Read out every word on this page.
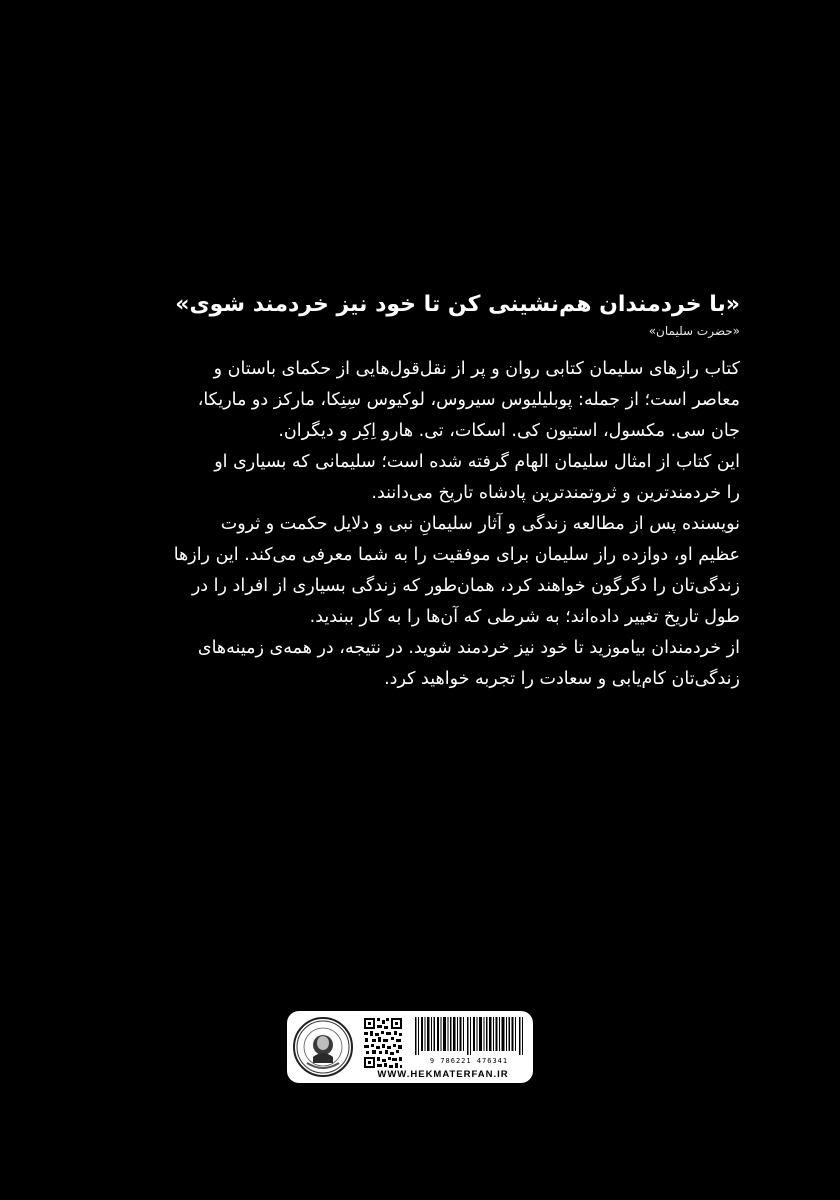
«با خردمندان هم‌نشینی کن تا خود نیز خردمند شوی»
«حضرت سلیمان»
کتاب رازهای سلیمان کتابی روان و پر از نقل‌قول‌هایی از حکمای باستان و
معاصر است؛ از جمله: پوبلیلیوس سیروس، لوکیوس سِنِکا، مارکز دو ماریکا،
جان سی. مکسول، استیون کی. اسکات، تی. هارو اِکِر و دیگران.
این کتاب از امثال سلیمان الهام گرفته شده است؛ سلیمانی که بسیاری او
را خردمندترین و ثروتمندترین پادشاه تاریخ می‌دانند.
نویسنده پس از مطالعه زندگی و آثار سلیمانِ نبی و دلایل حکمت و ثروت
عظیم او، دوازده راز سلیمان برای موفقیت را به شما معرفی می‌کند. این رازها
زندگی‌تان را دگرگون خواهند کرد، همان‌طور که زندگی بسیاری از افراد را در
طول تاریخ تغییر داده‌اند؛ به شرطی که آن‌ها را به کار ببندید.
از خردمندان بیاموزید تا خود نیز خردمند شوید. در نتیجه، در همه‌ی زمینه‌های
زندگی‌تان کام‌یابی و سعادت را تجربه خواهید کرد.
9 786221 476341
WWW.HEKMATERFAN.IR
